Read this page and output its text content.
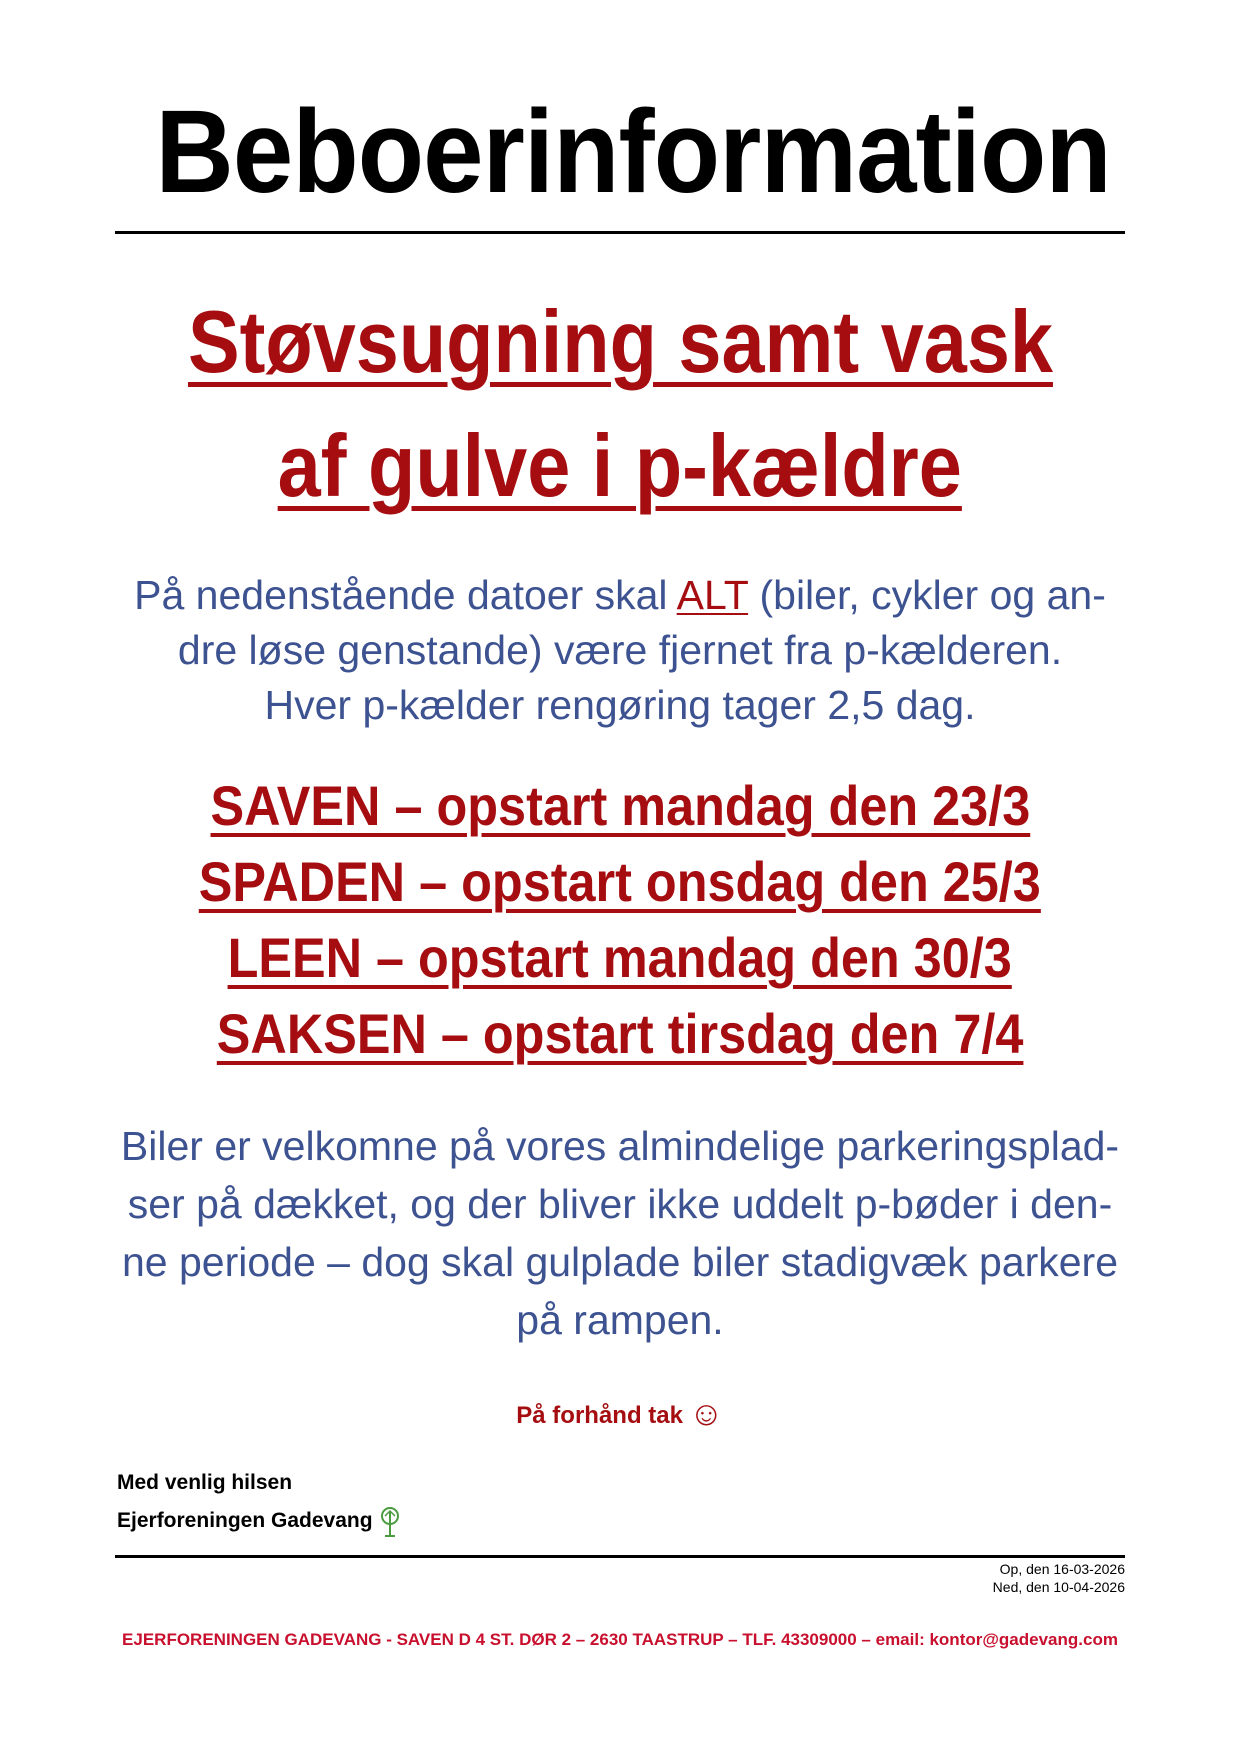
Beboerinformation
Støvsugning samt vask
af gulve i p-kældre

På nedenstående datoer skal ALT (biler, cykler og an-
dre løse genstande) være fjernet fra p-kælderen.
Hver p-kælder rengøring tager 2,5 dag.

SAVEN – opstart mandag den 23/3
SPADEN – opstart onsdag den 25/3
LEEN – opstart mandag den 30/3
SAKSEN – opstart tirsdag den 7/4

Biler er velkomne på vores almindelige parkeringsplad-
ser på dækket, og der bliver ikke uddelt p-bøder i den-
ne periode – dog skal gulplade biler stadigvæk parkere
på rampen.

På forhånd tak ☺

Med venlig hilsen
Ejerforeningen Gadevang
Op, den 16-03-2026
Ned, den 10-04-2026

EJERFORENINGEN GADEVANG - SAVEN D 4 ST. DØR 2 – 2630 TAASTRUP – TLF. 43309000 – email: kontor@gadevang.com
